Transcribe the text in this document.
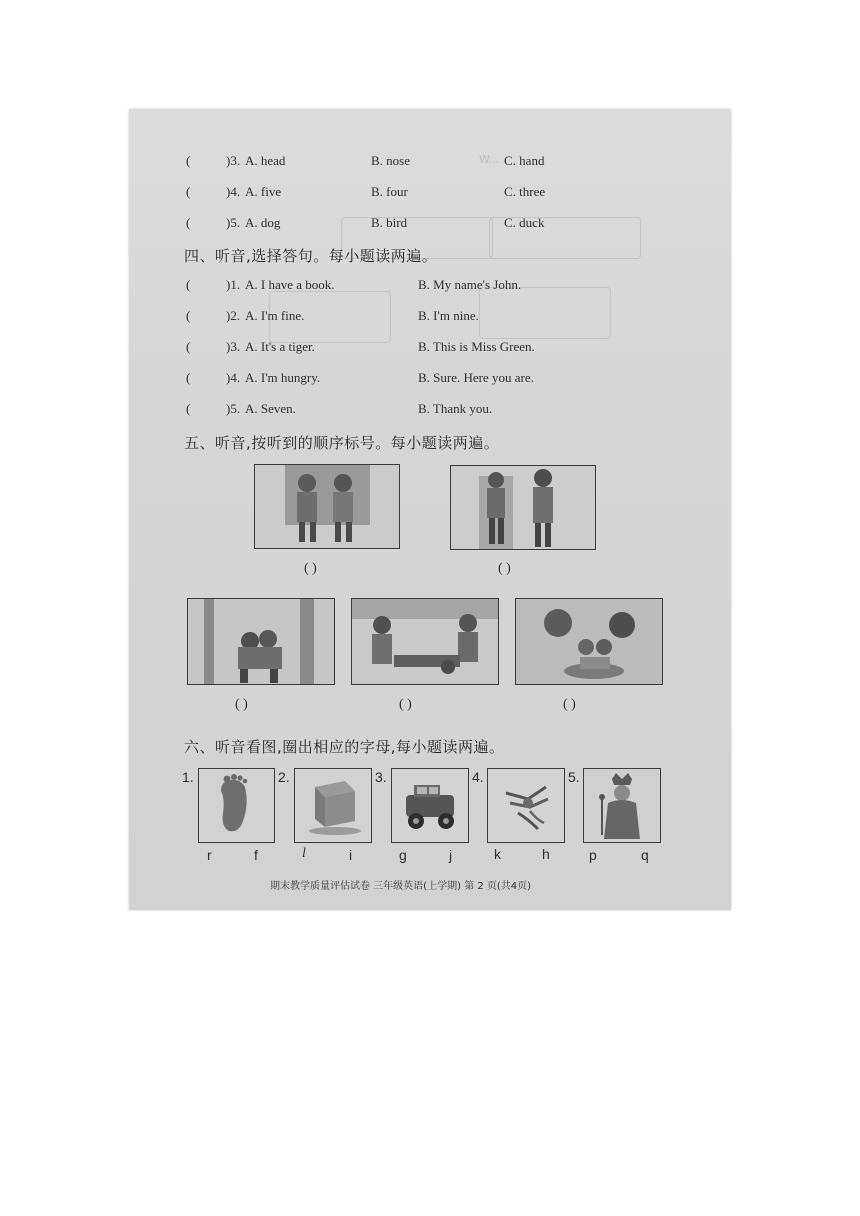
W...
(	)3. A. head	B. nose	C. hand
(	)4. A. five	B. four	C. three
(	)5. A. dog	B. bird	C. duck
四、听音,选择答句。每小题读两遍。
(	)1. A. I have a book.	B. My name's John.
(	)2. A. I'm fine.	B. I'm nine.
(	)3. A. It's a tiger.	B. This is Miss Green.
(	)4. A. I'm hungry.	B. Sure. Here you are.
(	)5. A. Seven.	B. Thank you.
五、听音,按听到的顺序标号。每小题读两遍。
( )	( )
( )	( )	( )
六、听音看图,圈出相应的字母,每小题读两遍。
1.
r	f
2.
l	i
3.
g	j
4.
k	h
5.
p	q
期末教学质量评估试卷 三年级英语(上学期) 第 2 页(共4页)
